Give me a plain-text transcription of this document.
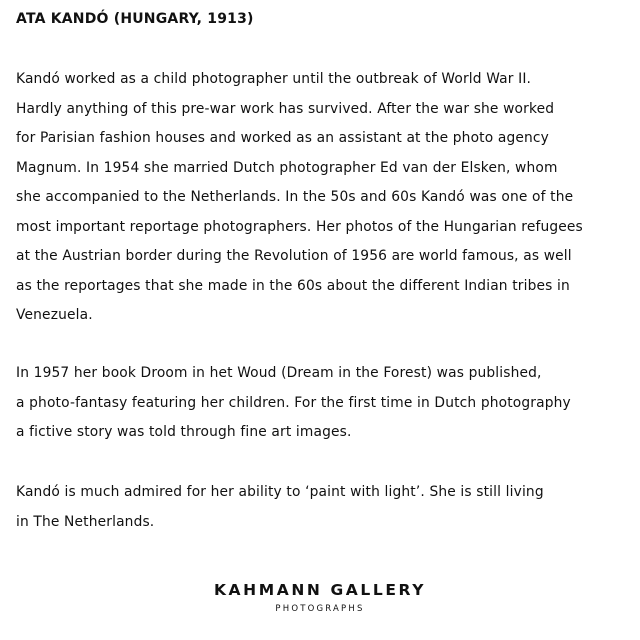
ATA KANDÓ (HUNGARY, 1913)

Kandó worked as a child photographer until the outbreak of World War II.
Hardly anything of this pre-war work has survived. After the war she worked
for Parisian fashion houses and worked as an assistant at the photo agency
Magnum. In 1954 she married Dutch photographer Ed van der Elsken, whom
she accompanied to the Netherlands. In the 50s and 60s Kandó was one of the
most important reportage photographers. Her photos of the Hungarian refugees
at the Austrian border during the Revolution of 1956 are world famous, as well
as the reportages that she made in the 60s about the different Indian tribes in
Venezuela.

In 1957 her book Droom in het Woud (Dream in the Forest) was published,
a photo-fantasy featuring her children. For the first time in Dutch photography
a fictive story was told through fine art images.

Kandó is much admired for her ability to ‘paint with light’. She is still living
in The Netherlands.

KAHMANN GALLERY
PHOTOGRAPHS
